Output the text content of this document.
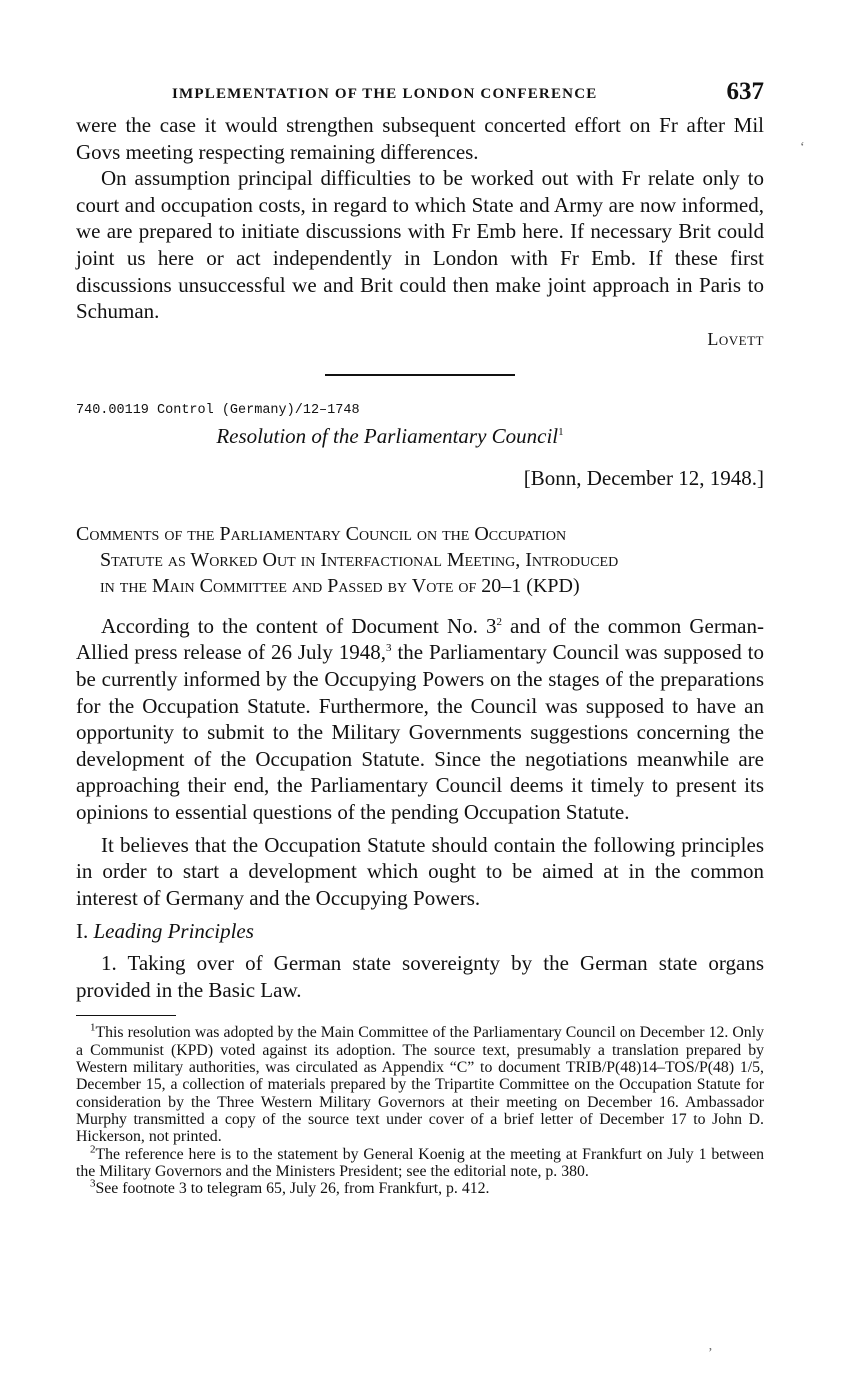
‘
’
IMPLEMENTATION OF THE LONDON CONFERENCE	637

were the case it would strengthen subsequent concerted effort on Fr after Mil Govs meeting respecting remaining differences.

On assumption principal difficulties to be worked out with Fr relate only to court and occupation costs, in regard to which State and Army are now informed, we are prepared to initiate discussions with Fr Emb here. If necessary Brit could joint us here or act independently in London with Fr Emb. If these first discussions unsuccessful we and Brit could then make joint approach in Paris to Schuman.

Lovett
740.00119 Control (Germany)/12–1748
Resolution of the Parliamentary Council$^1$
[Bonn, December 12, 1948.]
Comments of the Parliamentary Council on the Occupation
Statute as Worked Out in Interfactional Meeting, Introduced
in the Main Committee and Passed by Vote of 20–1 (KPD)

According to the content of Document No. $3^2$ and of the common German-Allied press release of 26 July 1948,$^3$ the Parliamentary Council was supposed to be currently informed by the Occupying Powers on the stages of the preparations for the Occupation Statute. Furthermore, the Council was supposed to have an opportunity to submit to the Military Governments suggestions concerning the development of the Occupation Statute. Since the negotiations meanwhile are approaching their end, the Parliamentary Council deems it timely to present its opinions to essential questions of the pending Occupation Statute.

It believes that the Occupation Statute should contain the following principles in order to start a development which ought to be aimed at in the common interest of Germany and the Occupying Powers.

I. Leading Principles

1. Taking over of German state sovereignty by the German state organs provided in the Basic Law.

$^1$This resolution was adopted by the Main Committee of the Parliamentary Council on December 12. Only a Communist (KPD) voted against its adoption. The source text, presumably a translation prepared by Western military authorities, was circulated as Appendix “C” to document TRIB/P(48)14–TOS/P(48) 1/5, December 15, a collection of materials prepared by the Tripartite Committee on the Occupation Statute for consideration by the Three Western Military Governors at their meeting on December 16. Ambassador Murphy transmitted a copy of the source text under cover of a brief letter of December 17 to John D. Hickerson, not printed.

$^2$The reference here is to the statement by General Koenig at the meeting at Frankfurt on July 1 between the Military Governors and the Ministers President; see the editorial note, p. 380.

$^3$See footnote 3 to telegram 65, July 26, from Frankfurt, p. 412.
